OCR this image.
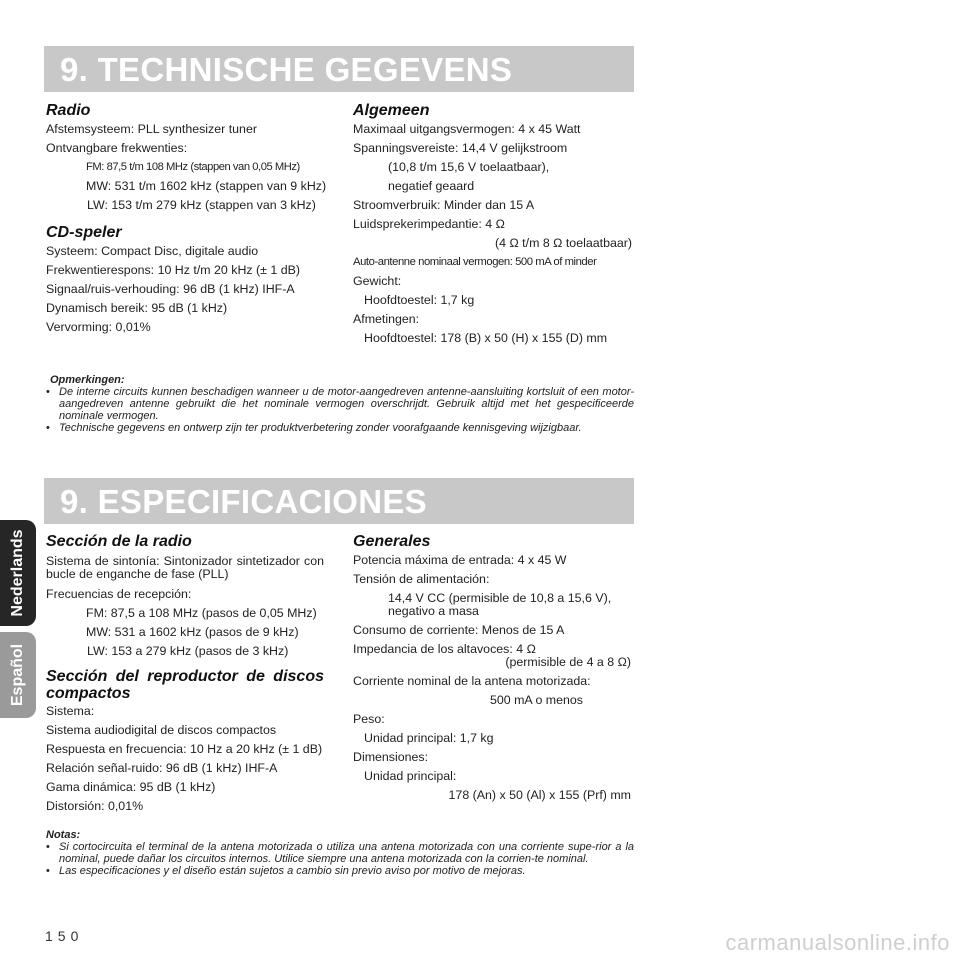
9. TECHNISCHE GEGEVENS

Radio

Afstemsysteem: PLL synthesizer tuner

Ontvangbare frekwenties:

FM: 87,5 t/m 108 MHz (stappen van 0,05 MHz)

MW: 531 t/m 1602 kHz (stappen van 9 kHz)

LW: 153 t/m 279 kHz (stappen van 3 kHz)

CD-speler

Systeem: Compact Disc, digitale audio

Frekwentierespons: 10 Hz t/m 20 kHz (± 1 dB)

Signaal/ruis-verhouding: 96 dB (1 kHz) IHF-A

Dynamisch bereik: 95 dB (1 kHz)

Vervorming: 0,01%

Algemeen

Maximaal uitgangsvermogen: 4 x 45 Watt

Spanningsvereiste: 14,4 V gelijkstroom

(10,8 t/m 15,6 V toelaatbaar),

negatief geaard

Stroomverbruik: Minder dan 15 A

Luidsprekerimpedantie: 4 Ω

(4 Ω t/m 8 Ω toelaatbaar)

Auto-antenne nominaal vermogen: 500 mA of minder

Gewicht:

Hoofdtoestel: 1,7 kg

Afmetingen:

Hoofdtoestel: 178 (B) x 50 (H) x 155 (D) mm

Opmerkingen:
• De interne circuits kunnen beschadigen wanneer u de motor-aangedreven antenne-aansluiting kortsluit of een motor-aangedreven antenne gebruikt die het nominale vermogen overschrijdt. Gebruik altijd met het gespecificeerde nominale vermogen.
• Technische gegevens en ontwerp zijn ter produktverbetering zonder voorafgaande kennisgeving wijzigbaar.
9. ESPECIFICACIONES

Sección de la radio

Sistema de sintonía: Sintonizador sintetizador con bucle de enganche de fase (PLL)

Frecuencias de recepción:

FM: 87,5 a 108 MHz (pasos de 0,05 MHz)

MW: 531 a 1602 kHz (pasos de 9 kHz)

LW: 153 a 279 kHz (pasos de 3 kHz)

Sección del reproductor de discos compactos

Sistema:

Sistema audiodigital de discos compactos

Respuesta en frecuencia: 10 Hz a 20 kHz (± 1 dB)

Relación señal-ruido: 96 dB (1 kHz) IHF-A

Gama dinámica: 95 dB (1 kHz)

Distorsión: 0,01%

Generales

Potencia máxima de entrada: 4 x 45 W

Tensión de alimentación:

14,4 V CC (permisible de 10,8 a 15,6 V),

negativo a masa

Consumo de corriente: Menos de 15 A

Impedancia de los altavoces: 4 Ω

(permisible de 4 a 8 Ω)

Corriente nominal de la antena motorizada:

500 mA o menos

Peso:

Unidad principal: 1,7 kg

Dimensiones:

Unidad principal:

178 (An) x 50 (Al) x 155 (Prf) mm

Notas:
• Si cortocircuita el terminal de la antena motorizada o utiliza una antena motorizada con una corriente supe-rior a la nominal, puede dañar los circuitos internos. Utilice siempre una antena motorizada con la corrien-te nominal.
• Las especificaciones y el diseño están sujetos a cambio sin previo aviso por motivo de mejoras.
Nederlands
Español
150	carmanualsonline.info
